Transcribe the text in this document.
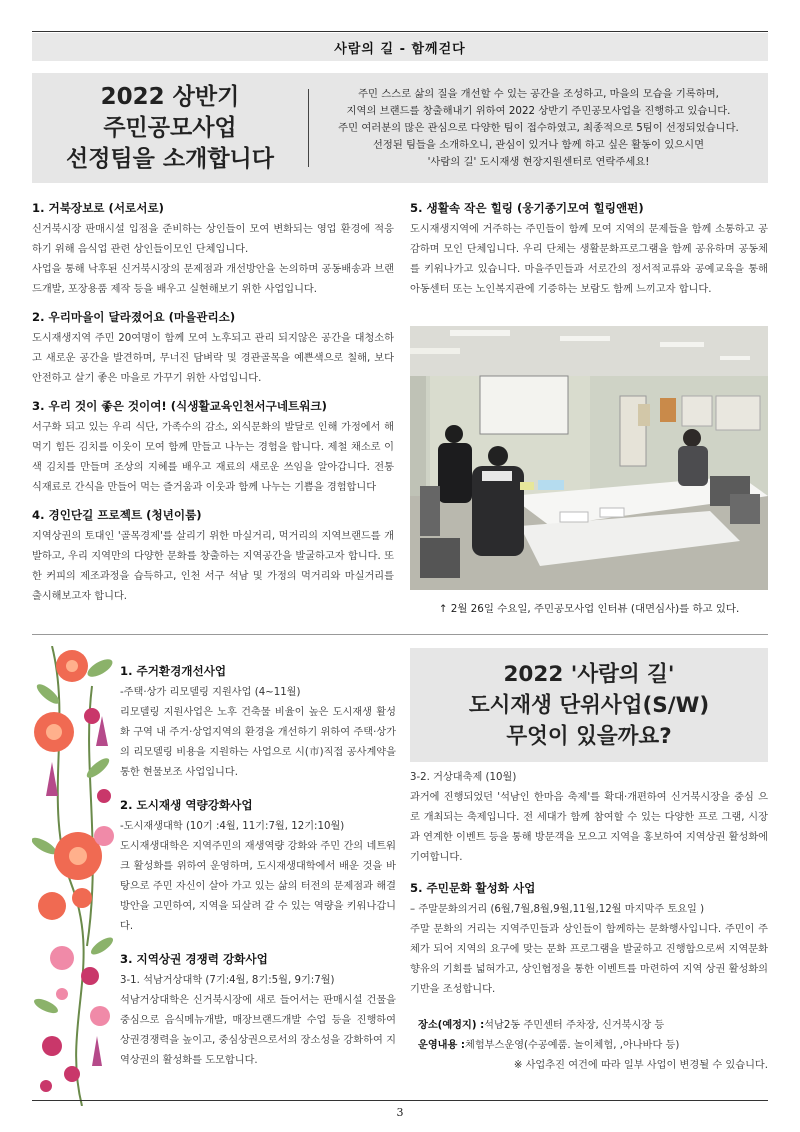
사람의 길 - 함께걷다
2022 상반기
주민공모사업
선정팀을 소개합니다
주민 스스로 삶의 질을 개선할 수 있는 공간을 조성하고, 마을의 모습을 기록하며,
지역의 브랜드를 창출해내기 위하여 2022 상반기 주민공모사업을 진행하고 있습니다.
주민 여러분의 많은 관심으로 다양한 팀이 접수하였고, 최종적으로 5팀이 선정되었습니다.
선정된 팀들을 소개하오니, 관심이 있거나 함께 하고 싶은 활동이 있으시면
'사람의 길' 도시재생 현장지원센터로 연락주세요!
1. 거북장보로 (서로서로)

신거북시장 판매시설 입점을 준비하는 상인들이 모여 변화되는 영업 환경에 적응하기 위해 음식업 관련 상인들이모인 단체입니다.

사업을 통해 낙후된 신거북시장의 문제점과 개선방안을 논의하며 공동배송과 브랜드개발, 포장용품 제작 등을 배우고 실현해보기 위한 사업입니다.

2. 우리마을이 달라졌어요 (마을관리소)

도시재생지역 주민 20여명이 함께 모여 노후되고 관리 되지않은 공간을 대청소하고 새로운 공간을 발견하며, 무너진 담벼락 및 경관골목을 예쁜색으로 칠해, 보다 안전하고 살기 좋은 마을로 가꾸기 위한 사업입니다.

3. 우리 것이 좋은 것이여! (식생활교육인천서구네트워크)

서구화 되고 있는 우리 식단, 가족수의 감소, 외식문화의 발달로 인해 가정에서 해 먹기 힘든 김치를 이웃이 모여 함께 만들고 나누는 경험을 합니다. 제철 채소로 이색 김치를 만들며 조상의 지혜를 배우고 재료의 새로운 쓰임을 알아갑니다. 전통 식재료로 간식을 만들어 먹는 즐거움과 이웃과 함께 나누는 기쁨을 경험합니다

4. 경인단길 프로젝트 (청년이룸)

지역상권의 토대인 '골목경제'를 살리기 위한 마실거리, 먹거리의 지역브랜드를 개발하고, 우리 지역만의 다양한 문화를 창출하는 지역공간을 발굴하고자 합니다. 또한 커피의 제조과정을 습득하고, 인천 서구 석남 및 가정의 먹거리와 마실거리를 출시해보고자 합니다.

5. 생활속 작은 힐링 (웅기종기모여 힐링앤펀)

도시재생지역에 거주하는 주민들이 함께 모여 지역의 문제들을 함께 소통하고 공감하며 모인 단체입니다. 우리 단체는 생활문화프로그램을 함께 공유하며 공동체를 키워나가고 있습니다. 마을주민들과 서로간의 정서적교류와 공예교육을 통해 아동센터 또는 노인복지관에 기증하는 보람도 함께 느끼고자 합니다.

↑ 2월 26일 수요일, 주민공모사업 인터뷰 (대면심사)를 하고 있다.
1. 주거환경개선사업

-주택·상가 리모델링 지원사업 (4~11월)

리모델링 지원사업은 노후 건축물 비율이 높은 도시재생 활성화 구역 내 주거·상업지역의 환경을 개선하기 위하여 주택·상가의 리모델링 비용을 지원하는 사업으로 시(市)직접 공사계약을 통한 현물보조 사업입니다.

2. 도시재생 역량강화사업

-도시재생대학 (10기 :4월, 11기:7월, 12기:10월)

도시재생대학은 지역주민의 재생역량 강화와 주민 간의 네트워크 활성화를 위하여 운영하며, 도시재생대학에서 배운 것을 바탕으로 주민 자신이 살아 가고 있는 삶의 터전의 문제점과 해결방안을 고민하여, 지역을 되살려 갈 수 있는 역량을 키워나갑니다.

3. 지역상권 경쟁력 강화사업

3-1. 석남거상대학 (7기:4월, 8기:5월, 9기:7월)

석남거상대학은 신거북시장에 새로 들어서는 판매시설 건물을 중심으로 음식메뉴개발, 매장브랜드개발 수업 등을 진행하여 상권경쟁력을 높이고, 중심상권으로서의 장소성을 강화하여 지역상권의 활성화를 도모합니다.

2022 '사람의 길'
도시재생 단위사업(S/W)
무엇이 있을까요?

3-2. 거상대축제 (10월)

과거에 진행되었던 '석남인 한마음 축제'를 확대·개편하여 신거북시장을 중심 으로 개최되는 축제입니다. 전 세대가 함께 참여할 수 있는 다양한 프로 그램, 시장과 연계한 이벤트 등을 통해 방문객을 모으고 지역을 홍보하여 지역상권 활성화에 기여합니다.

5. 주민문화 활성화 사업

– 주말문화의거리 (6월,7월,8월,9월,11월,12월 마지막주 토요일 )

주말 문화의 거리는 지역주민들과 상인들이 함께하는 문화행사입니다. 주민이 주체가 되어 지역의 요구에 맞는 문화 프로그램을 발굴하고 진행함으로써 지역문화 향유의 기회를 넓혀가고, 상인협정을 통한 이벤트를 마련하여 지역 상권 활성화의 기반을 조성합니다.

장소(예정지) : 석남2동 주민센터 주차장, 신거북시장 등
운영내용 : 체험부스운영(수공예품. 놀이체험, ,아나바다 등)
※ 사업추진 여건에 따라 일부 사업이 변경될 수 있습니다.
3
